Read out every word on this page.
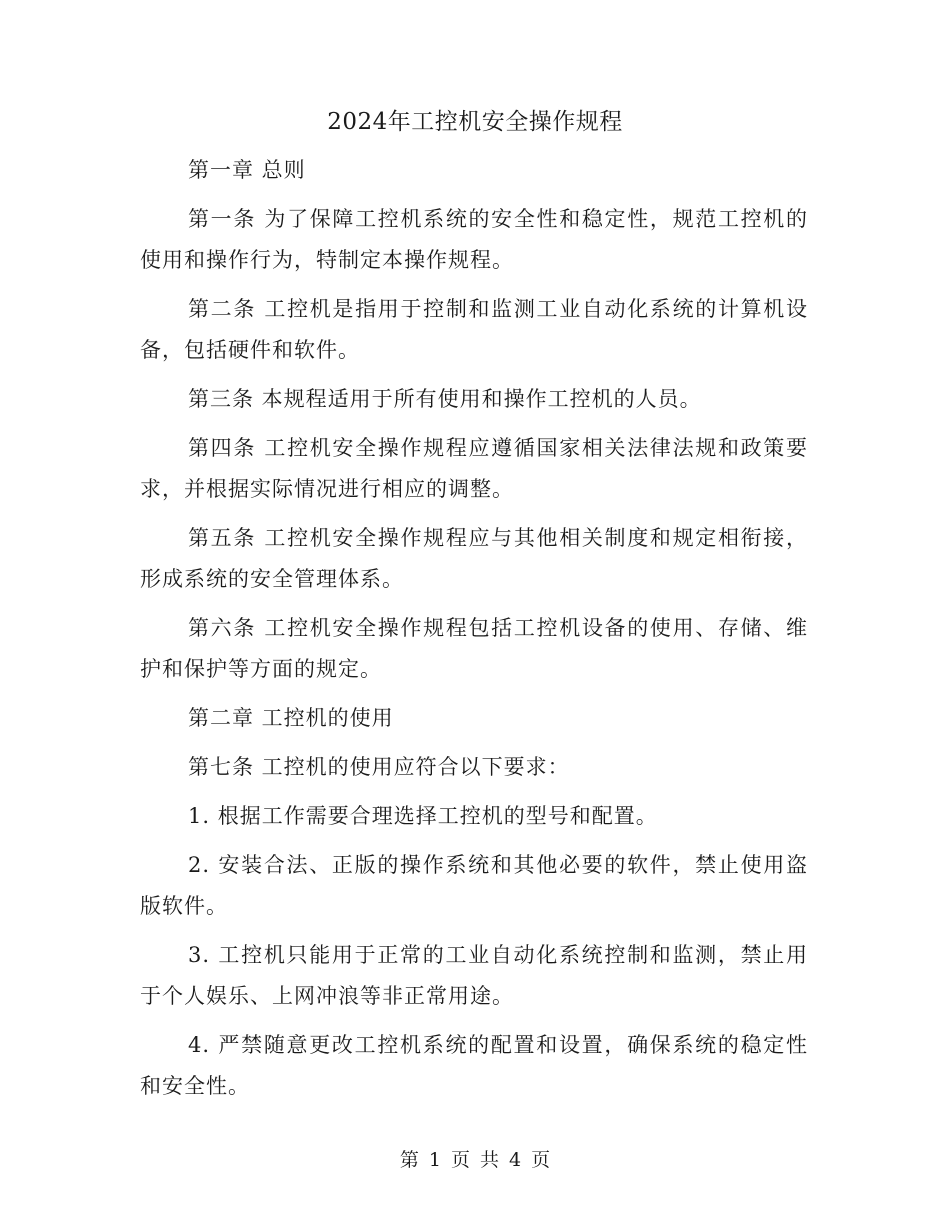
2024年工控机安全操作规程

第一章 总则

第一条 为了保障工控机系统的安全性和稳定性，规范工控机的使用和操作行为，特制定本操作规程。

第二条 工控机是指用于控制和监测工业自动化系统的计算机设备，包括硬件和软件。

第三条 本规程适用于所有使用和操作工控机的人员。

第四条 工控机安全操作规程应遵循国家相关法律法规和政策要求，并根据实际情况进行相应的调整。

第五条 工控机安全操作规程应与其他相关制度和规定相衔接，形成系统的安全管理体系。

第六条 工控机安全操作规程包括工控机设备的使用、存储、维护和保护等方面的规定。

第二章 工控机的使用

第七条 工控机的使用应符合以下要求：

1. 根据工作需要合理选择工控机的型号和配置。

2. 安装合法、正版的操作系统和其他必要的软件，禁止使用盗版软件。

3. 工控机只能用于正常的工业自动化系统控制和监测，禁止用于个人娱乐、上网冲浪等非正常用途。

4. 严禁随意更改工控机系统的配置和设置，确保系统的稳定性和安全性。

第 1 页 共 4 页
